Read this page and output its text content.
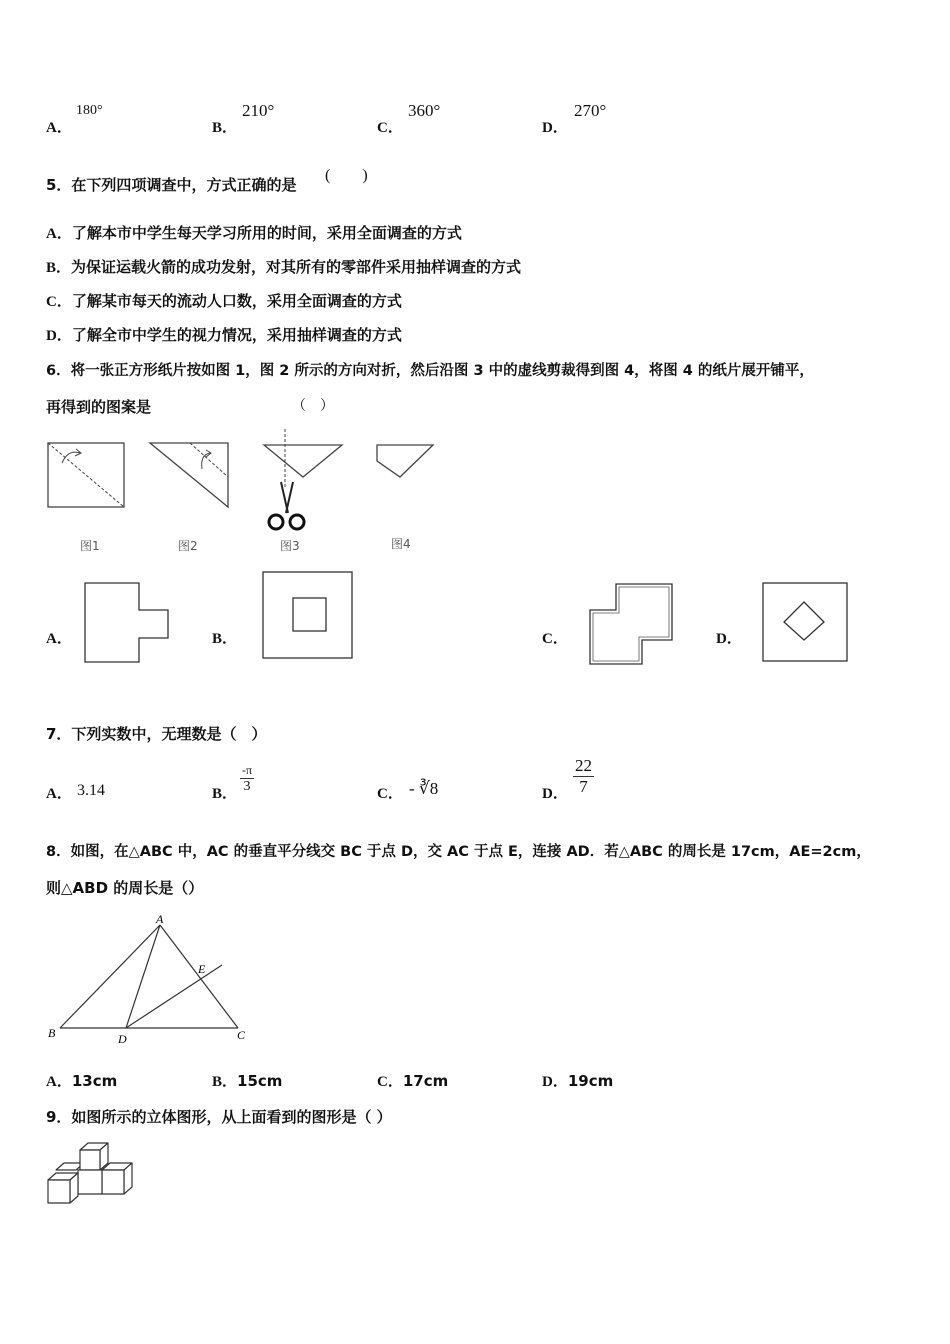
A．
180°
B．
210°
C．
360°
D．
270°
5．在下列四项调查中，方式正确的是
(　　)
A．了解本市中学生每天学习所用的时间，采用全面调查的方式
B．为保证运载火箭的成功发射，对其所有的零部件采用抽样调查的方式
C．了解某市每天的流动人口数，采用全面调查的方式
D．了解全市中学生的视力情况，采用抽样调查的方式
6．将一张正方形纸片按如图 1，图 2 所示的方向对折，然后沿图 3 中的虚线剪裁得到图 4，将图 4 的纸片展开铺平，
再得到的图案是	（　）
图1	图2	图3	图4
A．	B．	C．	D．
7．下列实数中，无理数是（　）
A． 3.14	B． $\frac{-\pi}{3}$	C． - ∛8	D． $\frac{22}{7}$
8．如图，在△ABC 中，AC 的垂直平分线交 BC 于点 D，交 AC 于点 E，连接 AD．若△ABC 的周长是 17cm，AE=2cm，
则△ABD 的周长是（）
A
B	C
D
E
A．13cm	B．15cm	C．17cm	D．19cm
9．如图所示的立体图形，从上面看到的图形是（ ）
